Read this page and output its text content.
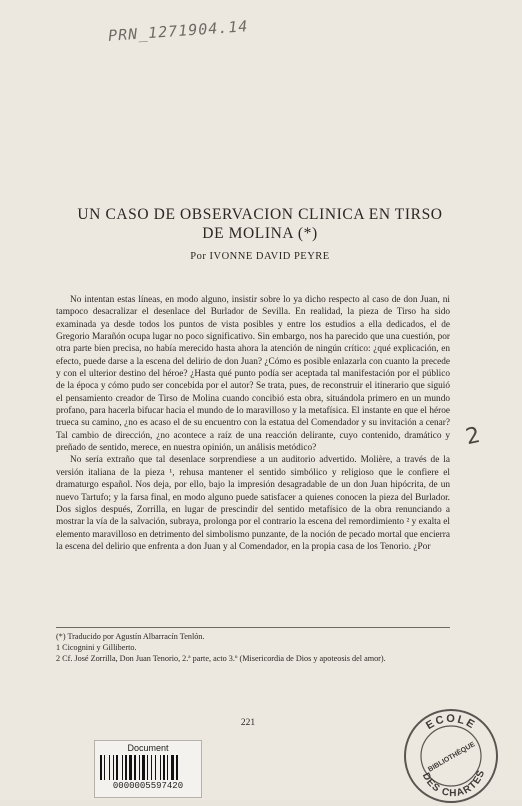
PRN_1271904.14
UN CASO DE OBSERVACION CLINICA EN TIRSO
DE MOLINA (*)
Por IVONNE DAVID PEYRE

No intentan estas líneas, en modo alguno, insistir sobre lo ya dicho respecto al caso de don Juan, ni tampoco desacralizar el desenlace del Burlador de Sevilla. En realidad, la pieza de Tirso ha sido examinada ya desde todos los puntos de vista posibles y entre los estudios a ella dedicados, el de Gregorio Marañón ocupa lugar no poco significativo. Sin embargo, nos ha parecido que una cuestión, por otra parte bien precisa, no había merecido hasta ahora la atención de ningún crítico: ¿qué explicación, en efecto, puede darse a la escena del delirio de don Juan? ¿Cómo es posible enlazarla con cuanto la precede y con el ulterior destino del héroe? ¿Hasta qué punto podía ser aceptada tal manifestación por el público de la época y cómo pudo ser concebida por el autor? Se trata, pues, de reconstruir el itinerario que siguió el pensamiento creador de Tirso de Molina cuando concibió esta obra, situándola primero en un mundo profano, para hacerla bifucar hacia el mundo de lo maravilloso y la metafísica. El instante en que el héroe trueca su camino, ¿no es acaso el de su encuentro con la estatua del Comendador y su invitación a cenar? Tal cambio de dirección, ¿no acontece a raíz de una reacción delirante, cuyo contenido, dramático y preñado de sentido, merece, en nuestra opinión, un análisis metódico?

No sería extraño que tal desenlace sorprendiese a un auditorio advertido. Molière, a través de la versión italiana de la pieza ¹, rehusa mantener el sentido simbólico y religioso que le confiere el dramaturgo español. Nos deja, por ello, bajo la impresión desagradable de un don Juan hipócrita, de un nuevo Tartufo; y la farsa final, en modo alguno puede satisfacer a quienes conocen la pieza del Burlador. Dos siglos después, Zorrilla, en lugar de prescindir del sentido metafísico de la obra renunciando a mostrar la vía de la salvación, subraya, prolonga por el contrario la escena del remordimiento ² y exalta el elemento maravilloso en detrimento del simbolismo punzante, de la noción de pecado mortal que encierra la escena del delirio que enfrenta a don Juan y al Comendador, en la propia casa de los Tenorio. ¿Por

2
(*) Traducido por Agustín Albarracín Tenlón.
1 Cicognini y Gilliberto.
2 Cf. José Zorrilla, Don Juan Tenorio, 2.ª parte, acto 3.º (Misericordia de Dios y apoteosis del amor).
221	ECOLE
BIBLIOTHÈQUE
DES CHARTES
Document
0000005597420
